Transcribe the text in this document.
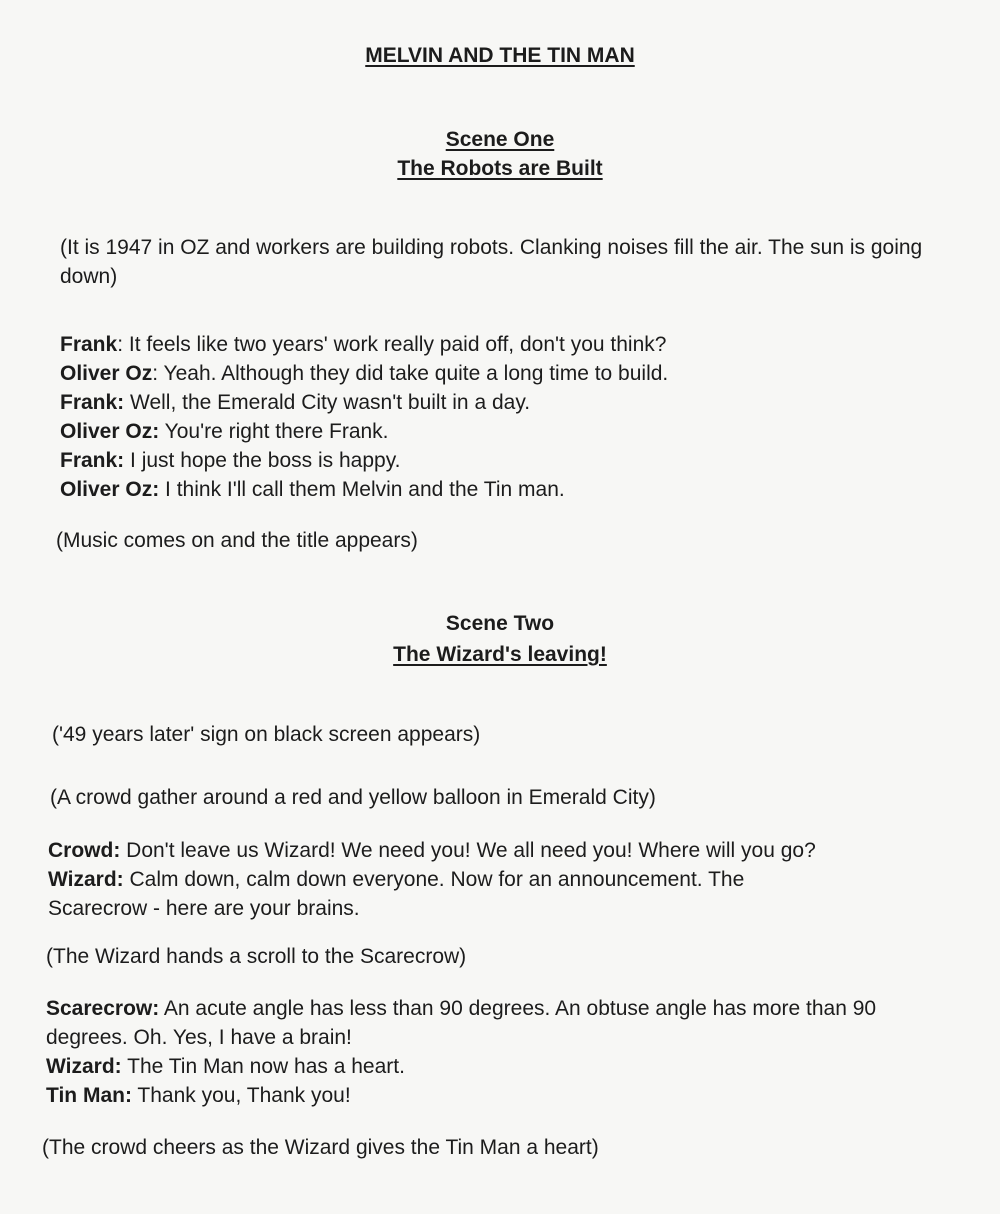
MELVIN AND THE TIN MAN
Scene One
The Robots are Built

(It is 1947 in OZ and workers are building robots. Clanking noises fill the air. The sun is going down)

Frank: It feels like two years' work really paid off, don't you think?
Oliver Oz: Yeah. Although they did take quite a long time to build.
Frank: Well, the Emerald City wasn't built in a day.
Oliver Oz: You're right there Frank.
Frank: I just hope the boss is happy.
Oliver Oz: I think I'll call them Melvin and the Tin man.

(Music comes on and the title appears)

Scene Two
The Wizard's leaving!

('49 years later' sign on black screen appears)

(A crowd gather around a red and yellow balloon in Emerald City)

Crowd: Don't leave us Wizard! We need you! We all need you! Where will you go?
Wizard: Calm down, calm down everyone. Now for an announcement. The Scarecrow - here are your brains.

(The Wizard hands a scroll to the Scarecrow)

Scarecrow: An acute angle has less than 90 degrees. An obtuse angle has more than 90 degrees. Oh. Yes, I have a brain!
Wizard: The Tin Man now has a heart.
Tin Man: Thank you, Thank you!

(The crowd cheers as the Wizard gives the Tin Man a heart)
